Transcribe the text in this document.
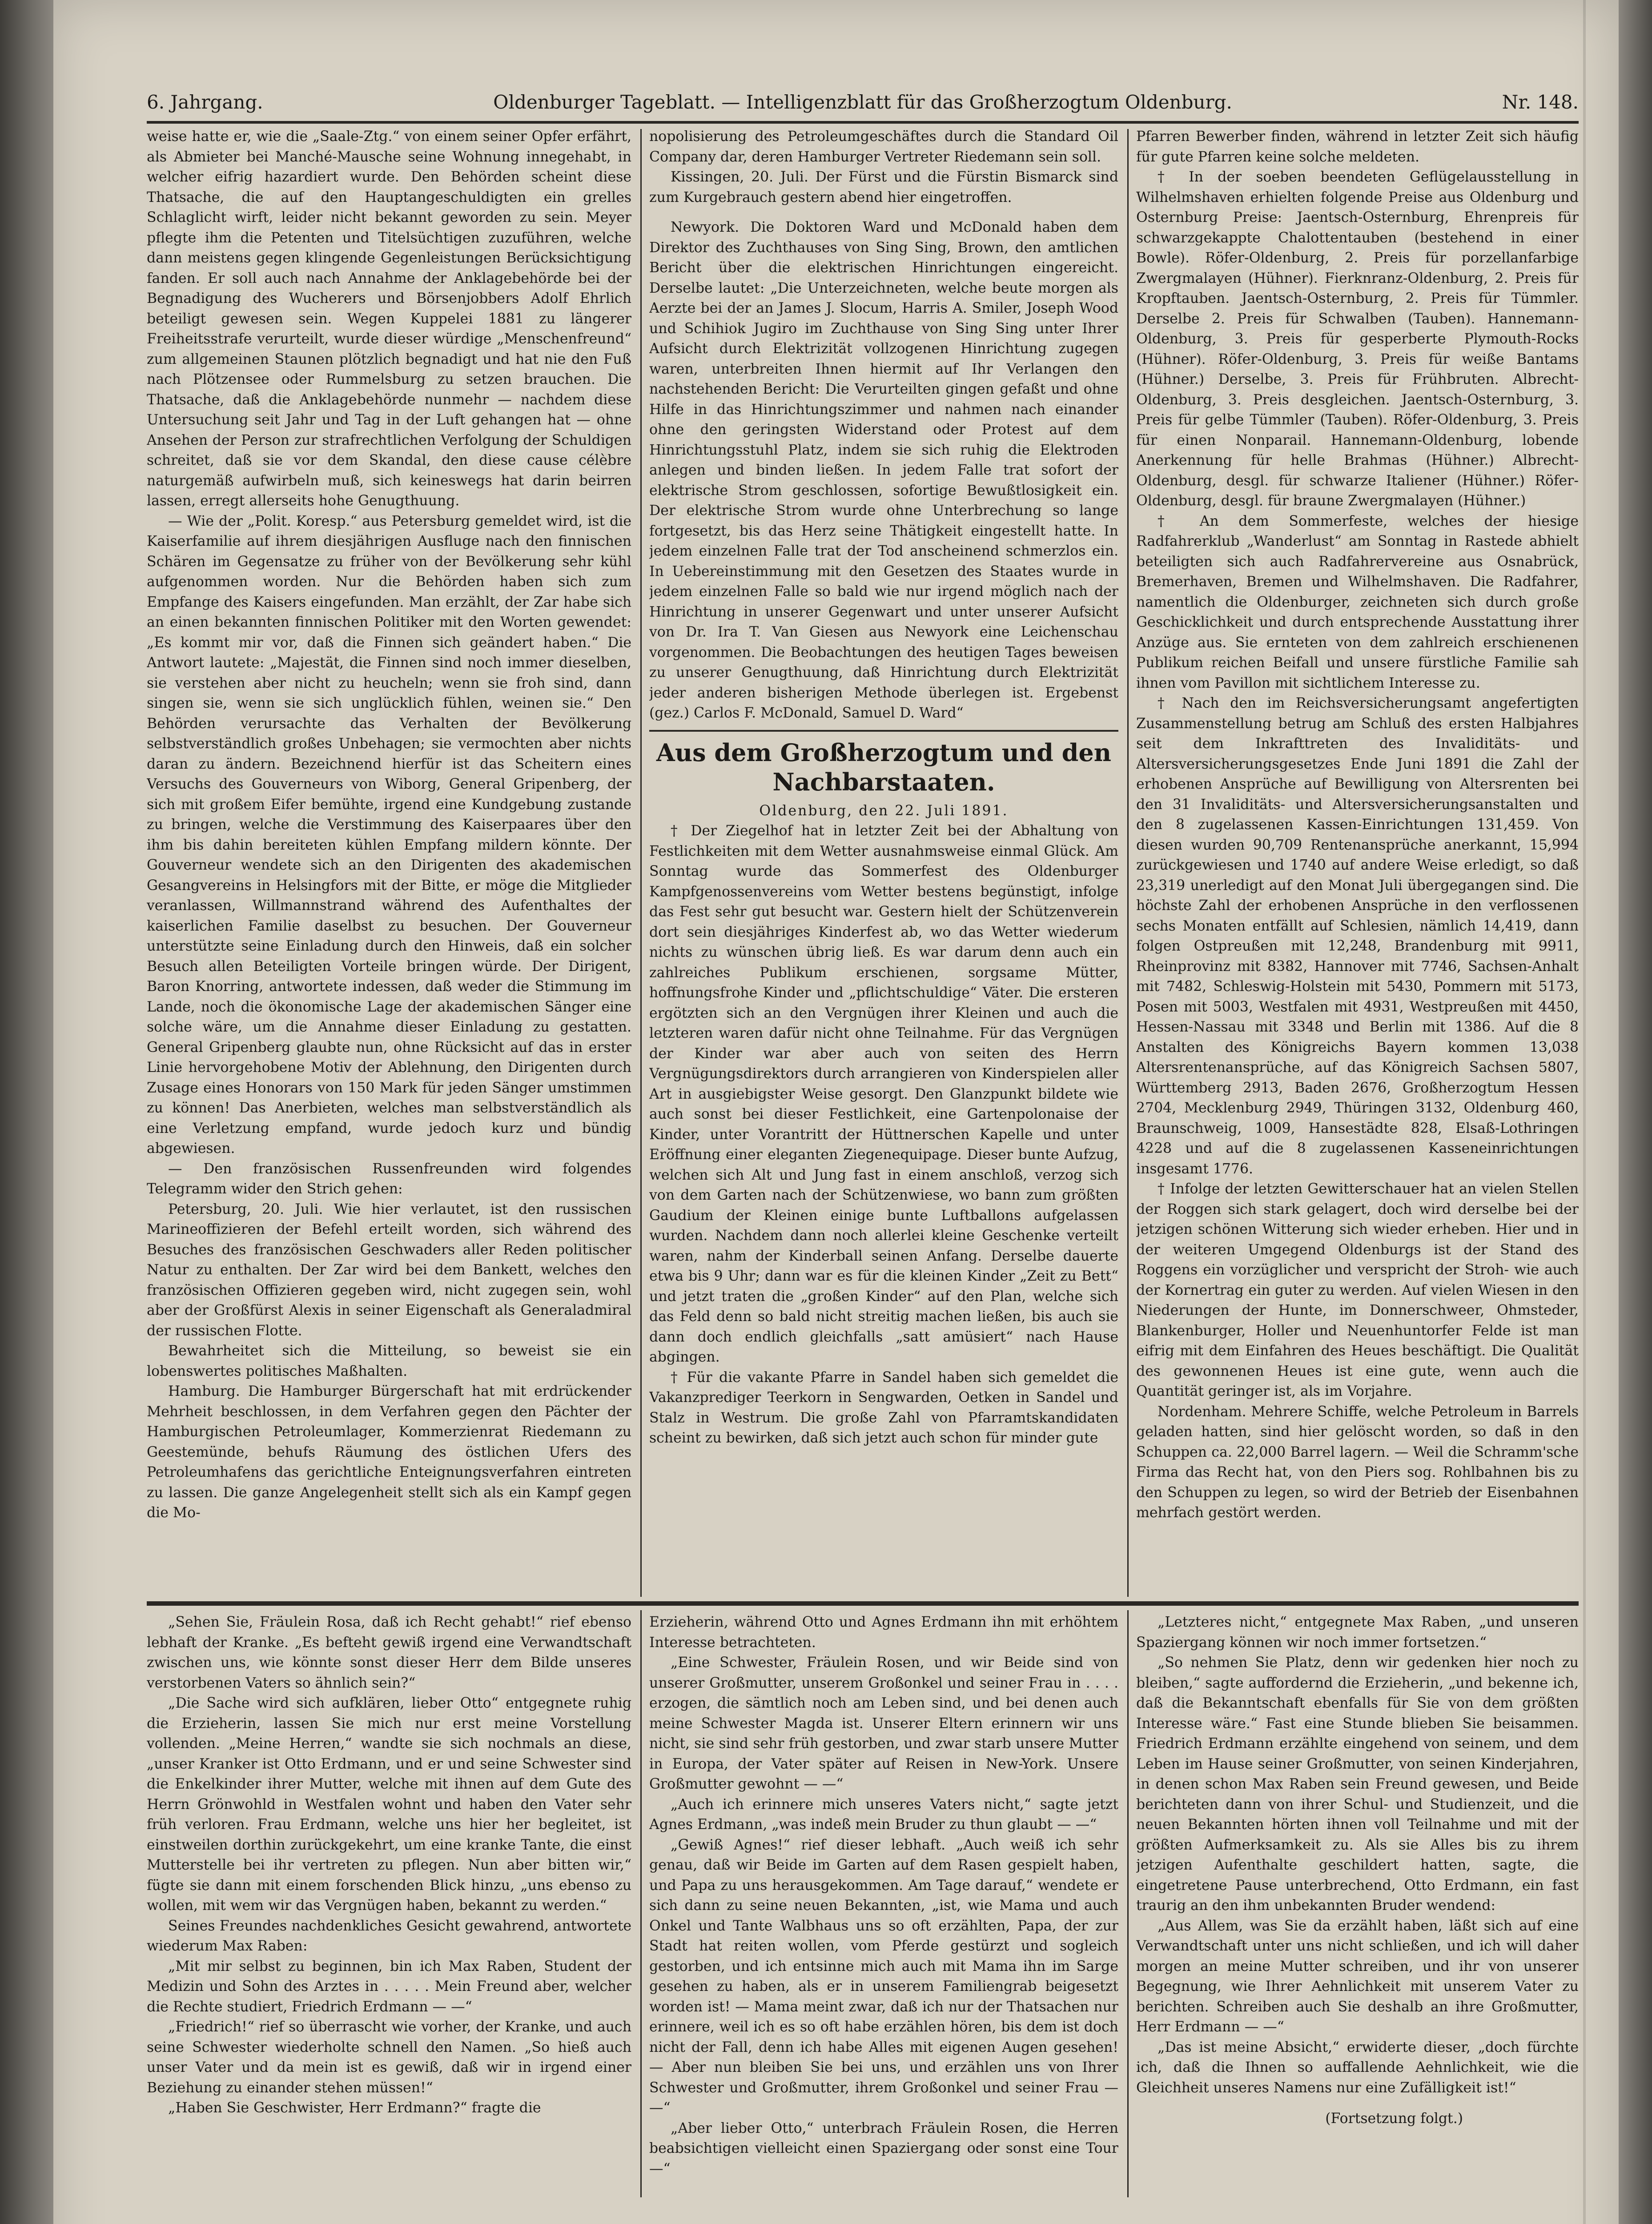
6. Jahrgang.	Oldenburger Tageblatt. — Intelligenzblatt für das Großherzogtum Oldenburg.	Nr. 148.

weise hatte er, wie die „Saale-Ztg.“ von einem seiner Opfer erfährt, als Abmieter bei Manché-Mausche seine Wohnung innegehabt, in welcher eifrig hazardiert wurde. Den Behörden scheint diese Thatsache, die auf den Hauptangeschuldigten ein grelles Schlaglicht wirft, leider nicht bekannt geworden zu sein. Meyer pflegte ihm die Petenten und Titelsüchtigen zuzuführen, welche dann meistens gegen klingende Gegenleistungen Berücksichtigung fanden. Er soll auch nach Annahme der Anklagebehörde bei der Begnadigung des Wucherers und Börsenjobbers Adolf Ehrlich beteiligt gewesen sein. Wegen Kuppelei 1881 zu längerer Freiheitsstrafe verurteilt, wurde dieser würdige „Menschenfreund“ zum allgemeinen Staunen plötzlich begnadigt und hat nie den Fuß nach Plötzensee oder Rummelsburg zu setzen brauchen. Die Thatsache, daß die Anklagebehörde nunmehr — nachdem diese Untersuchung seit Jahr und Tag in der Luft gehangen hat — ohne Ansehen der Person zur strafrechtlichen Verfolgung der Schuldigen schreitet, daß sie vor dem Skandal, den diese cause célèbre naturgemäß aufwirbeln muß, sich keineswegs hat darin beirren lassen, erregt allerseits hohe Genugthuung.

— Wie der „Polit. Koresp.“ aus Petersburg gemeldet wird, ist die Kaiserfamilie auf ihrem diesjährigen Ausfluge nach den finnischen Schären im Gegensatze zu früher von der Bevölkerung sehr kühl aufgenommen worden. Nur die Behörden haben sich zum Empfange des Kaisers eingefunden. Man erzählt, der Zar habe sich an einen bekannten finnischen Politiker mit den Worten gewendet: „Es kommt mir vor, daß die Finnen sich geändert haben.“ Die Antwort lautete: „Majestät, die Finnen sind noch immer dieselben, sie verstehen aber nicht zu heucheln; wenn sie froh sind, dann singen sie, wenn sie sich unglücklich fühlen, weinen sie.“ Den Behörden verursachte das Verhalten der Bevölkerung selbstverständlich großes Unbehagen; sie vermochten aber nichts daran zu ändern. Bezeichnend hierfür ist das Scheitern eines Versuchs des Gouverneurs von Wiborg, General Gripenberg, der sich mit großem Eifer bemühte, irgend eine Kundgebung zustande zu bringen, welche die Verstimmung des Kaiserpaares über den ihm bis dahin bereiteten kühlen Empfang mildern könnte. Der Gouverneur wendete sich an den Dirigenten des akademischen Gesangvereins in Helsingfors mit der Bitte, er möge die Mitglieder veranlassen, Willmannstrand während des Aufenthaltes der kaiserlichen Familie daselbst zu besuchen. Der Gouverneur unterstützte seine Einladung durch den Hinweis, daß ein solcher Besuch allen Beteiligten Vorteile bringen würde. Der Dirigent, Baron Knorring, antwortete indessen, daß weder die Stimmung im Lande, noch die ökonomische Lage der akademischen Sänger eine solche wäre, um die Annahme dieser Einladung zu gestatten. General Gripenberg glaubte nun, ohne Rücksicht auf das in erster Linie hervorgehobene Motiv der Ablehnung, den Dirigenten durch Zusage eines Honorars von 150 Mark für jeden Sänger umstimmen zu können! Das Anerbieten, welches man selbstverständlich als eine Verletzung empfand, wurde jedoch kurz und bündig abgewiesen.

— Den französischen Russenfreunden wird folgendes Telegramm wider den Strich gehen:

Petersburg, 20. Juli. Wie hier verlautet, ist den russischen Marineoffizieren der Befehl erteilt worden, sich während des Besuches des französischen Geschwaders aller Reden politischer Natur zu enthalten. Der Zar wird bei dem Bankett, welches den französischen Offizieren gegeben wird, nicht zugegen sein, wohl aber der Großfürst Alexis in seiner Eigenschaft als Generaladmiral der russischen Flotte.

Bewahrheitet sich die Mitteilung, so beweist sie ein lobenswertes politisches Maßhalten.

Hamburg. Die Hamburger Bürgerschaft hat mit erdrückender Mehrheit beschlossen, in dem Verfahren gegen den Pächter der Hamburgischen Petroleumlager, Kommerzienrat Riedemann zu Geestemünde, behufs Räumung des östlichen Ufers des Petroleumhafens das gerichtliche Enteignungsverfahren eintreten zu lassen. Die ganze Angelegenheit stellt sich als ein Kampf gegen die Mo-

nopolisierung des Petroleumgeschäftes durch die Standard Oil Company dar, deren Hamburger Vertreter Riedemann sein soll.

Kissingen, 20. Juli. Der Fürst und die Fürstin Bismarck sind zum Kurgebrauch gestern abend hier eingetroffen.

Newyork. Die Doktoren Ward und McDonald haben dem Direktor des Zuchthauses von Sing Sing, Brown, den amtlichen Bericht über die elektrischen Hinrichtungen eingereicht. Derselbe lautet: „Die Unterzeichneten, welche beute morgen als Aerzte bei der an James J. Slocum, Harris A. Smiler, Joseph Wood und Schihiok Jugiro im Zuchthause von Sing Sing unter Ihrer Aufsicht durch Elektrizität vollzogenen Hinrichtung zugegen waren, unterbreiten Ihnen hiermit auf Ihr Verlangen den nachstehenden Bericht: Die Verurteilten gingen gefaßt und ohne Hilfe in das Hinrichtungszimmer und nahmen nach einander ohne den geringsten Widerstand oder Protest auf dem Hinrichtungsstuhl Platz, indem sie sich ruhig die Elektroden anlegen und binden ließen. In jedem Falle trat sofort der elektrische Strom geschlossen, sofortige Bewußtlosigkeit ein. Der elektrische Strom wurde ohne Unterbrechung so lange fortgesetzt, bis das Herz seine Thätigkeit eingestellt hatte. In jedem einzelnen Falle trat der Tod anscheinend schmerzlos ein. In Uebereinstimmung mit den Gesetzen des Staates wurde in jedem einzelnen Falle so bald wie nur irgend möglich nach der Hinrichtung in unserer Gegenwart und unter unserer Aufsicht von Dr. Ira T. Van Giesen aus Newyork eine Leichenschau vorgenommen. Die Beobachtungen des heutigen Tages beweisen zu unserer Genugthuung, daß Hinrichtung durch Elektrizität jeder anderen bisherigen Methode überlegen ist. Ergebenst (gez.) Carlos F. McDonald, Samuel D. Ward“

Aus dem Großherzogtum und den Nachbarstaaten.

Oldenburg, den 22. Juli 1891.

† Der Ziegelhof hat in letzter Zeit bei der Abhaltung von Festlichkeiten mit dem Wetter ausnahmsweise einmal Glück. Am Sonntag wurde das Sommerfest des Oldenburger Kampfgenossenvereins vom Wetter bestens begünstigt, infolge das Fest sehr gut besucht war. Gestern hielt der Schützenverein dort sein diesjähriges Kinderfest ab, wo das Wetter wiederum nichts zu wünschen übrig ließ. Es war darum denn auch ein zahlreiches Publikum erschienen, sorgsame Mütter, hoffnungsfrohe Kinder und „pflichtschuldige“ Väter. Die ersteren ergötzten sich an den Vergnügen ihrer Kleinen und auch die letzteren waren dafür nicht ohne Teilnahme. Für das Vergnügen der Kinder war aber auch von seiten des Herrn Vergnügungsdirektors durch arrangieren von Kinderspielen aller Art in ausgiebigster Weise gesorgt. Den Glanzpunkt bildete wie auch sonst bei dieser Festlichkeit, eine Gartenpolonaise der Kinder, unter Vorantritt der Hüttnerschen Kapelle und unter Eröffnung einer eleganten Ziegenequipage. Dieser bunte Aufzug, welchen sich Alt und Jung fast in einem anschloß, verzog sich von dem Garten nach der Schützenwiese, wo bann zum größten Gaudium der Kleinen einige bunte Luftballons aufgelassen wurden. Nachdem dann noch allerlei kleine Geschenke verteilt waren, nahm der Kinderball seinen Anfang. Derselbe dauerte etwa bis 9 Uhr; dann war es für die kleinen Kinder „Zeit zu Bett“ und jetzt traten die „großen Kinder“ auf den Plan, welche sich das Feld denn so bald nicht streitig machen ließen, bis auch sie dann doch endlich gleichfalls „satt amüsiert“ nach Hause abgingen.

† Für die vakante Pfarre in Sandel haben sich gemeldet die Vakanzprediger Teerkorn in Sengwarden, Oetken in Sandel und Stalz in Westrum. Die große Zahl von Pfarramtskandidaten scheint zu bewirken, daß sich jetzt auch schon für minder gute

Pfarren Bewerber finden, während in letzter Zeit sich häufig für gute Pfarren keine solche meldeten.

† In der soeben beendeten Geflügelausstellung in Wilhelmshaven erhielten folgende Preise aus Oldenburg und Osternburg Preise: Jaentsch-Osternburg, Ehrenpreis für schwarzgekappte Chalottentauben (bestehend in einer Bowle). Röfer-Oldenburg, 2. Preis für porzellanfarbige Zwergmalayen (Hühner). Fierknranz-Oldenburg, 2. Preis für Kropftauben. Jaentsch-Osternburg, 2. Preis für Tümmler. Derselbe 2. Preis für Schwalben (Tauben). Hannemann-Oldenburg, 3. Preis für gesperberte Plymouth-Rocks (Hühner). Röfer-Oldenburg, 3. Preis für weiße Bantams (Hühner.) Derselbe, 3. Preis für Frühbruten. Albrecht-Oldenburg, 3. Preis desgleichen. Jaentsch-Osternburg, 3. Preis für gelbe Tümmler (Tauben). Röfer-Oldenburg, 3. Preis für einen Nonparail. Hannemann-Oldenburg, lobende Anerkennung für helle Brahmas (Hühner.) Albrecht-Oldenburg, desgl. für schwarze Italiener (Hühner.) Röfer-Oldenburg, desgl. für braune Zwergmalayen (Hühner.)

† An dem Sommerfeste, welches der hiesige Radfahrerklub „Wanderlust“ am Sonntag in Rastede abhielt beteiligten sich auch Radfahrervereine aus Osnabrück, Bremerhaven, Bremen und Wilhelmshaven. Die Radfahrer, namentlich die Oldenburger, zeichneten sich durch große Geschicklichkeit und durch entsprechende Ausstattung ihrer Anzüge aus. Sie ernteten von dem zahlreich erschienenen Publikum reichen Beifall und unsere fürstliche Familie sah ihnen vom Pavillon mit sichtlichem Interesse zu.

† Nach den im Reichsversicherungsamt angefertigten Zusammenstellung betrug am Schluß des ersten Halbjahres seit dem Inkrafttreten des Invaliditäts- und Altersversicherungsgesetzes Ende Juni 1891 die Zahl der erhobenen Ansprüche auf Bewilligung von Altersrenten bei den 31 Invaliditäts- und Altersversicherungsanstalten und den 8 zugelassenen Kassen-Einrichtungen 131,459. Von diesen wurden 90,709 Rentenansprüche anerkannt, 15,994 zurückgewiesen und 1740 auf andere Weise erledigt, so daß 23,319 unerledigt auf den Monat Juli übergegangen sind. Die höchste Zahl der erhobenen Ansprüche in den verflossenen sechs Monaten entfällt auf Schlesien, nämlich 14,419, dann folgen Ostpreußen mit 12,248, Brandenburg mit 9911, Rheinprovinz mit 8382, Hannover mit 7746, Sachsen-Anhalt mit 7482, Schleswig-Holstein mit 5430, Pommern mit 5173, Posen mit 5003, Westfalen mit 4931, Westpreußen mit 4450, Hessen-Nassau mit 3348 und Berlin mit 1386. Auf die 8 Anstalten des Königreichs Bayern kommen 13,038 Altersrentenansprüche, auf das Königreich Sachsen 5807, Württemberg 2913, Baden 2676, Großherzogtum Hessen 2704, Mecklenburg 2949, Thüringen 3132, Oldenburg 460, Braunschweig, 1009, Hansestädte 828, Elsaß-Lothringen 4228 und auf die 8 zugelassenen Kasseneinrichtungen insgesamt 1776.

† Infolge der letzten Gewitterschauer hat an vielen Stellen der Roggen sich stark gelagert, doch wird derselbe bei der jetzigen schönen Witterung sich wieder erheben. Hier und in der weiteren Umgegend Oldenburgs ist der Stand des Roggens ein vorzüglicher und verspricht der Stroh- wie auch der Kornertrag ein guter zu werden. Auf vielen Wiesen in den Niederungen der Hunte, im Donnerschweer, Ohmsteder, Blankenburger, Holler und Neuenhuntorfer Felde ist man eifrig mit dem Einfahren des Heues beschäftigt. Die Qualität des gewonnenen Heues ist eine gute, wenn auch die Quantität geringer ist, als im Vorjahre.

Nordenham. Mehrere Schiffe, welche Petroleum in Barrels geladen hatten, sind hier gelöscht worden, so daß in den Schuppen ca. 22,000 Barrel lagern. — Weil die Schramm'sche Firma das Recht hat, von den Piers sog. Rohlbahnen bis zu den Schuppen zu legen, so wird der Betrieb der Eisenbahnen mehrfach gestört werden.

„Sehen Sie, Fräulein Rosa, daß ich Recht gehabt!“ rief ebenso lebhaft der Kranke. „Es befteht gewiß irgend eine Verwandtschaft zwischen uns, wie könnte sonst dieser Herr dem Bilde unseres verstorbenen Vaters so ähnlich sein?“

„Die Sache wird sich aufklären, lieber Otto“ entgegnete ruhig die Erzieherin, lassen Sie mich nur erst meine Vorstellung vollenden. „Meine Herren,“ wandte sie sich nochmals an diese, „unser Kranker ist Otto Erdmann, und er und seine Schwester sind die Enkelkinder ihrer Mutter, welche mit ihnen auf dem Gute des Herrn Grönwohld in Westfalen wohnt und haben den Vater sehr früh verloren. Frau Erdmann, welche uns hier her begleitet, ist einstweilen dorthin zurückgekehrt, um eine kranke Tante, die einst Mutterstelle bei ihr vertreten zu pflegen. Nun aber bitten wir,“ fügte sie dann mit einem forschenden Blick hinzu, „uns ebenso zu wollen, mit wem wir das Vergnügen haben, bekannt zu werden.“

Seines Freundes nachdenkliches Gesicht gewahrend, antwortete wiederum Max Raben:

„Mit mir selbst zu beginnen, bin ich Max Raben, Student der Medizin und Sohn des Arztes in . . . . . Mein Freund aber, welcher die Rechte studiert, Friedrich Erdmann — —“

„Friedrich!“ rief so überrascht wie vorher, der Kranke, und auch seine Schwester wiederholte schnell den Namen. „So hieß auch unser Vater und da mein ist es gewiß, daß wir in irgend einer Beziehung zu einander stehen müssen!“

„Haben Sie Geschwister, Herr Erdmann?“ fragte die

Erzieherin, während Otto und Agnes Erdmann ihn mit erhöhtem Interesse betrachteten.

„Eine Schwester, Fräulein Rosen, und wir Beide sind von unserer Großmutter, unserem Großonkel und seiner Frau in . . . . erzogen, die sämtlich noch am Leben sind, und bei denen auch meine Schwester Magda ist. Unserer Eltern erinnern wir uns nicht, sie sind sehr früh gestorben, und zwar starb unsere Mutter in Europa, der Vater später auf Reisen in New-York. Unsere Großmutter gewohnt — —“

„Auch ich erinnere mich unseres Vaters nicht,“ sagte jetzt Agnes Erdmann, „was indeß mein Bruder zu thun glaubt — —“

„Gewiß Agnes!“ rief dieser lebhaft. „Auch weiß ich sehr genau, daß wir Beide im Garten auf dem Rasen gespielt haben, und Papa zu uns herausgekommen. Am Tage darauf,“ wendete er sich dann zu seine neuen Bekannten, „ist, wie Mama und auch Onkel und Tante Walbhaus uns so oft erzählten, Papa, der zur Stadt hat reiten wollen, vom Pferde gestürzt und sogleich gestorben, und ich entsinne mich auch mit Mama ihn im Sarge gesehen zu haben, als er in unserem Familiengrab beigesetzt worden ist! — Mama meint zwar, daß ich nur der Thatsachen nur erinnere, weil ich es so oft habe erzählen hören, bis dem ist doch nicht der Fall, denn ich habe Alles mit eigenen Augen gesehen! — Aber nun bleiben Sie bei uns, und erzählen uns von Ihrer Schwester und Großmutter, ihrem Großonkel und seiner Frau — —“

„Aber lieber Otto,“ unterbrach Fräulein Rosen, die Herren beabsichtigen vielleicht einen Spaziergang oder sonst eine Tour —“

„Letzteres nicht,“ entgegnete Max Raben, „und unseren Spaziergang können wir noch immer fortsetzen.“

„So nehmen Sie Platz, denn wir gedenken hier noch zu bleiben,“ sagte auffordernd die Erzieherin, „und bekenne ich, daß die Bekanntschaft ebenfalls für Sie von dem größten Interesse wäre.“ Fast eine Stunde blieben Sie beisammen. Friedrich Erdmann erzählte eingehend von seinem, und dem Leben im Hause seiner Großmutter, von seinen Kinderjahren, in denen schon Max Raben sein Freund gewesen, und Beide berichteten dann von ihrer Schul- und Studienzeit, und die neuen Bekannten hörten ihnen voll Teilnahme und mit der größten Aufmerksamkeit zu. Als sie Alles bis zu ihrem jetzigen Aufenthalte geschildert hatten, sagte, die eingetretene Pause unterbrechend, Otto Erdmann, ein fast traurig an den ihm unbekannten Bruder wendend:

„Aus Allem, was Sie da erzählt haben, läßt sich auf eine Verwandtschaft unter uns nicht schließen, und ich will daher morgen an meine Mutter schreiben, und ihr von unserer Begegnung, wie Ihrer Aehnlichkeit mit unserem Vater zu berichten. Schreiben auch Sie deshalb an ihre Großmutter, Herr Erdmann — —“

„Das ist meine Absicht,“ erwiderte dieser, „doch fürchte ich, daß die Ihnen so auffallende Aehnlichkeit, wie die Gleichheit unseres Namens nur eine Zufälligkeit ist!“

(Fortsetzung folgt.)
